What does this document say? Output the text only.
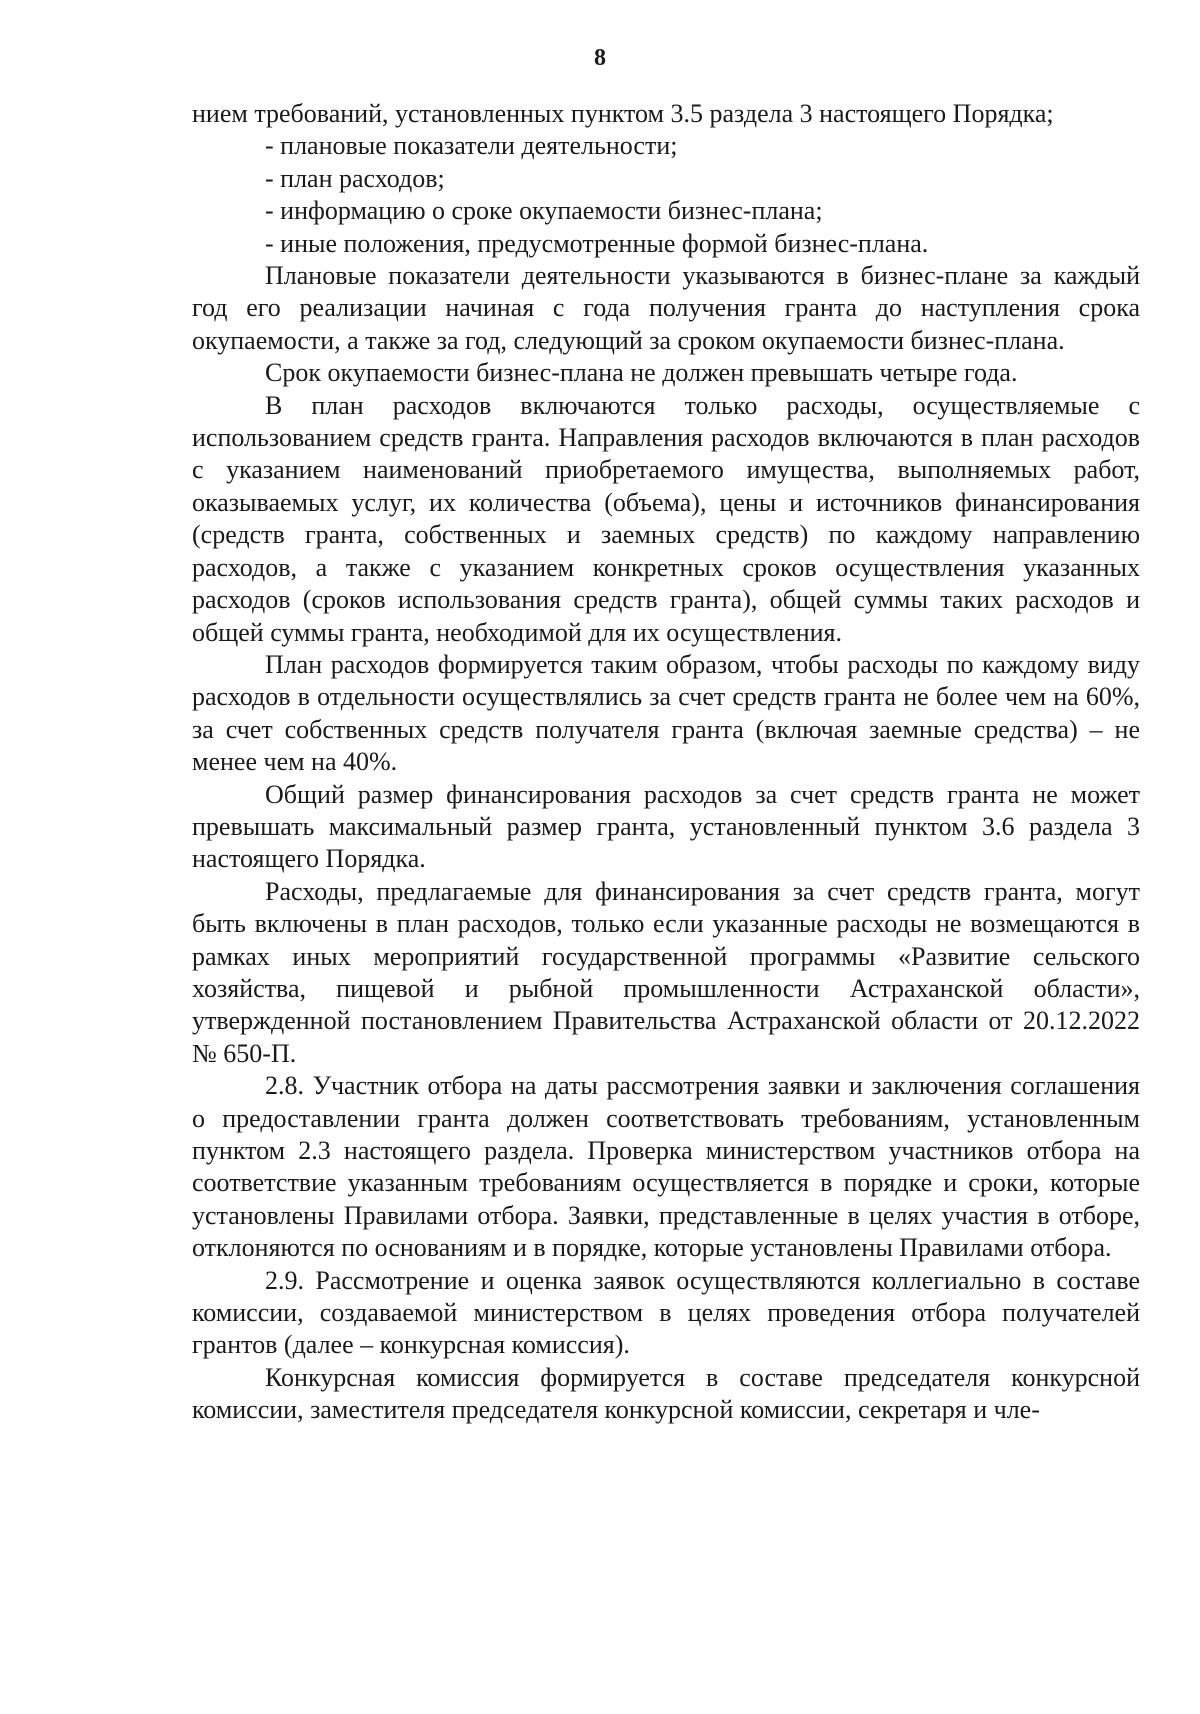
8

нием требований, установленных пунктом 3.5 раздела 3 настоящего Порядка;

- плановые показатели деятельности;

- план расходов;

- информацию о сроке окупаемости бизнес-плана;

- иные положения, предусмотренные формой бизнес-плана.

Плановые показатели деятельности указываются в бизнес-плане за каждый год его реализации начиная с года получения гранта до наступления срока окупаемости, а также за год, следующий за сроком окупаемости бизнес-плана.

Срок окупаемости бизнес-плана не должен превышать четыре года.

В план расходов включаются только расходы, осуществляемые с использованием средств гранта. Направления расходов включаются в план расходов с указанием наименований приобретаемого имущества, выполняемых работ, оказываемых услуг, их количества (объема), цены и источников финансирования (средств гранта, собственных и заемных средств) по каждому направлению расходов, а также с указанием конкретных сроков осуществления указанных расходов (сроков использования средств гранта), общей суммы таких расходов и общей суммы гранта, необходимой для их осуществления.

План расходов формируется таким образом, чтобы расходы по каждому виду расходов в отдельности осуществлялись за счет средств гранта не более чем на 60%, за счет собственных средств получателя гранта (включая заемные средства) – не менее чем на 40%.

Общий размер финансирования расходов за счет средств гранта не может превышать максимальный размер гранта, установленный пунктом 3.6 раздела 3 настоящего Порядка.

Расходы, предлагаемые для финансирования за счет средств гранта, могут быть включены в план расходов, только если указанные расходы не возмещаются в рамках иных мероприятий государственной программы «Развитие сельского хозяйства, пищевой и рыбной промышленности Астраханской области», утвержденной постановлением Правительства Астраханской области от 20.12.2022 № 650-П.

2.8. Участник отбора на даты рассмотрения заявки и заключения соглашения о предоставлении гранта должен соответствовать требованиям, установленным пунктом 2.3 настоящего раздела. Проверка министерством участников отбора на соответствие указанным требованиям осуществляется в порядке и сроки, которые установлены Правилами отбора. Заявки, представленные в целях участия в отборе, отклоняются по основаниям и в порядке, которые установлены Правилами отбора.

2.9. Рассмотрение и оценка заявок осуществляются коллегиально в составе комиссии, создаваемой министерством в целях проведения отбора получателей грантов (далее – конкурсная комиссия).

Конкурсная комиссия формируется в составе председателя конкурсной комиссии, заместителя председателя конкурсной комиссии, секретаря и чле-
